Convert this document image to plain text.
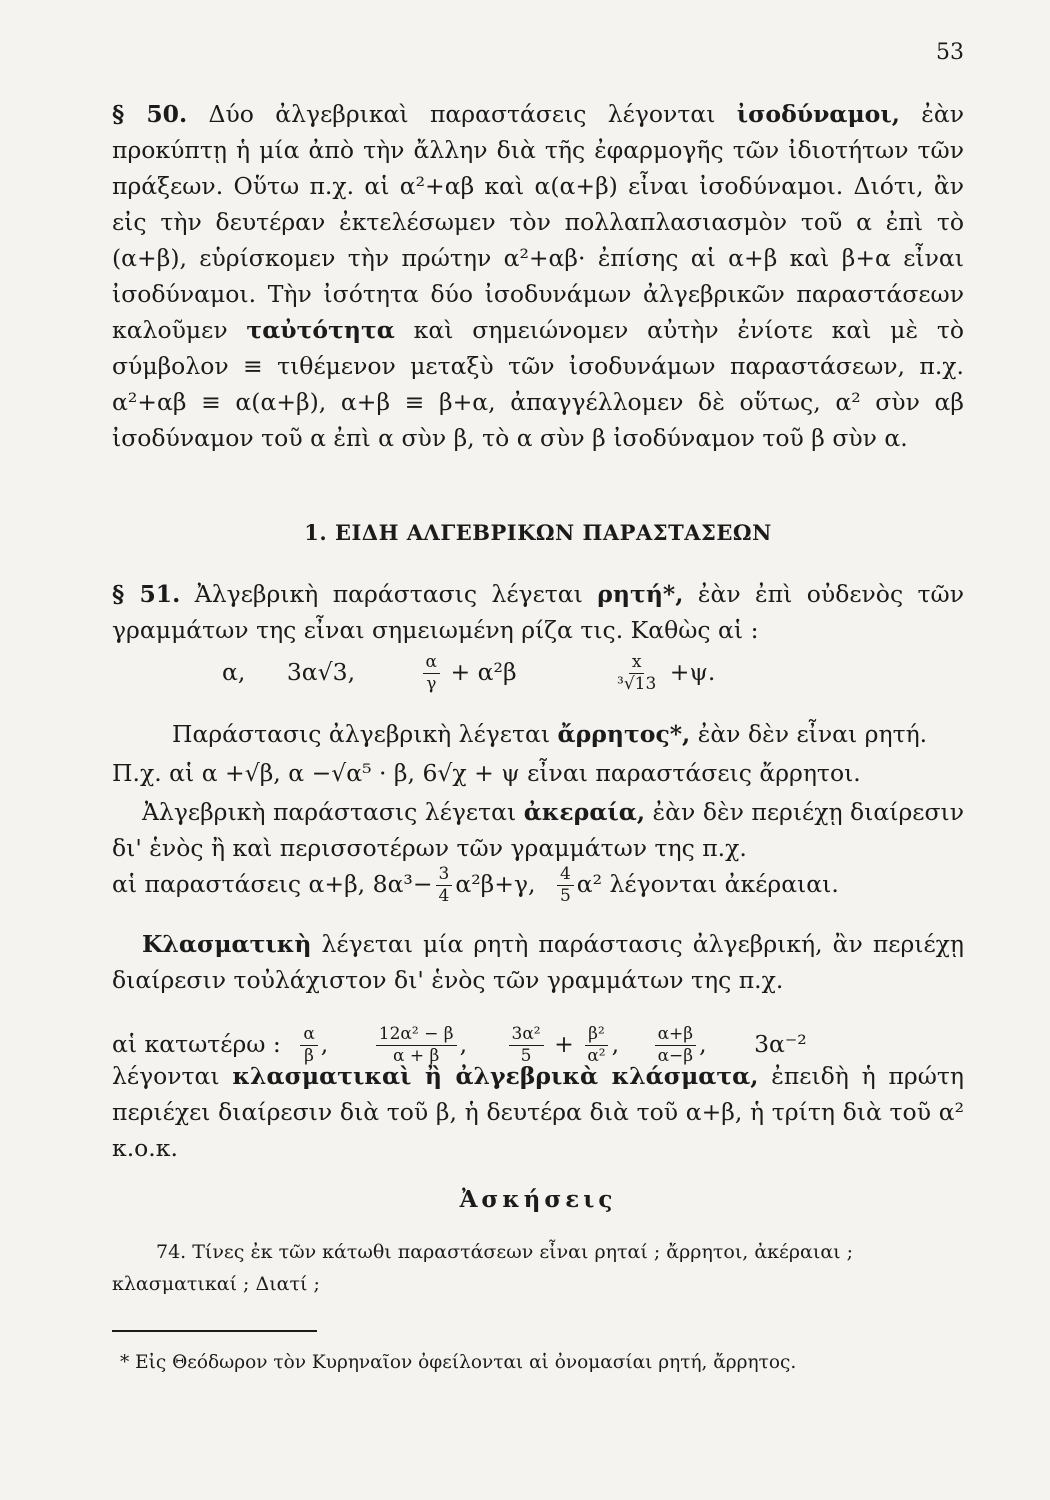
53

§ 50. Δύο ἀλγεβρικαὶ παραστάσεις λέγονται ἰσοδύναμοι, ἐὰν προκύπτῃ ἡ μία ἀπὸ τὴν ἄλλην διὰ τῆς ἐφαρμογῆς τῶν ἰδιοτήτων τῶν πράξεων. Οὕτω π.χ. αἱ α²+αβ καὶ α(α+β) εἶναι ἰσοδύναμοι. Διότι, ἂν εἰς τὴν δευτέραν ἐκτελέσωμεν τὸν πολλαπλασιασμὸν τοῦ α ἐπὶ τὸ (α+β), εὑρίσκομεν τὴν πρώτην α²+αβ· ἐπίσης αἱ α+β καὶ β+α εἶναι ἰσοδύναμοι. Τὴν ἰσότητα δύο ἰσοδυνάμων ἀλγεβρικῶν παραστάσεων καλοῦμεν ταὐτότητα καὶ σημειώνομεν αὐτὴν ἐνίοτε καὶ μὲ τὸ σύμβολον ≡ τιθέμενον μεταξὺ τῶν ἰσοδυνάμων παραστάσεων, π.χ. α²+αβ ≡ α(α+β), α+β ≡ β+α, ἀπαγγέλλομεν δὲ οὕτως, α² σὺν αβ ἰσοδύναμον τοῦ α ἐπὶ α σὺν β, τὸ α σὺν β ἰσοδύναμον τοῦ β σὺν α.

1. ΕΙΔΗ ΑΛΓΕΒΡΙΚΩΝ ΠΑΡΑΣΤΑΣΕΩΝ

§ 51. Ἀλγεβρικὴ παράστασις λέγεται ρητή*, ἐὰν ἐπὶ οὐδενὸς τῶν γραμμάτων της εἶναι σημειωμένη ρίζα τις. Καθὼς αἱ :

α, 3α√3,	$\frac{\alpha}{\gamma} + \alpha^2\beta$	$\frac{x}{\text{³√13}} +\psi$.

Παράστασις ἀλγεβρικὴ λέγεται ἄρρητος*, ἐὰν δὲν εἶναι ρητή.

Π.χ. αἱ α +√β, α −√α⁵ · β, 6√χ + ψ εἶναι παραστάσεις ἄρρητοι.

Ἀλγεβρικὴ παράστασις λέγεται ἀκεραία, ἐὰν δὲν περιέχῃ διαίρεσιν δι' ἑνὸς ἢ καὶ περισσοτέρων τῶν γραμμάτων της π.χ.

αἱ παραστάσεις α+β, $8\alpha^3- \frac{3}{4} \alpha^2\beta+\gamma$, $\frac{4}{5} \alpha^2$ λέγονται ἀκέραιαι.

Κλασματικὴ λέγεται μία ρητὴ παράστασις ἀλγεβρική, ἂν περιέχῃ διαίρεσιν τοὐλάχιστον δι' ἑνὸς τῶν γραμμάτων της π.χ.

αἱ κατωτέρω : $\frac{\alpha}{\beta}$ , $\frac{\text{12α² − β}}{\alpha + \beta}$ , $\frac{\text{3α²}}{5} + \frac{\text{β²}}{\text{α²}}$ , $\frac{\alpha+\beta}{\alpha-\beta}$ , 3α⁻²

λέγονται κλασματικαὶ ἢ ἀλγεβρικὰ κλάσματα, ἐπειδὴ ἡ πρώτη περιέχει διαίρεσιν διὰ τοῦ β, ἡ δευτέρα διὰ τοῦ α+β, ἡ τρίτη διὰ τοῦ α² κ.ο.κ.

Ἀσκήσεις
74. Τίνες ἐκ τῶν κάτωθι παραστάσεων εἶναι ρηταί ; ἄρρητοι, ἀκέραιαι ; κλασματικαί ; Διατί ;
* Εἰς Θεόδωρον τὸν Κυρηναῖον ὀφείλονται αἱ ὀνομασίαι ρητή, ἄρρητος.
